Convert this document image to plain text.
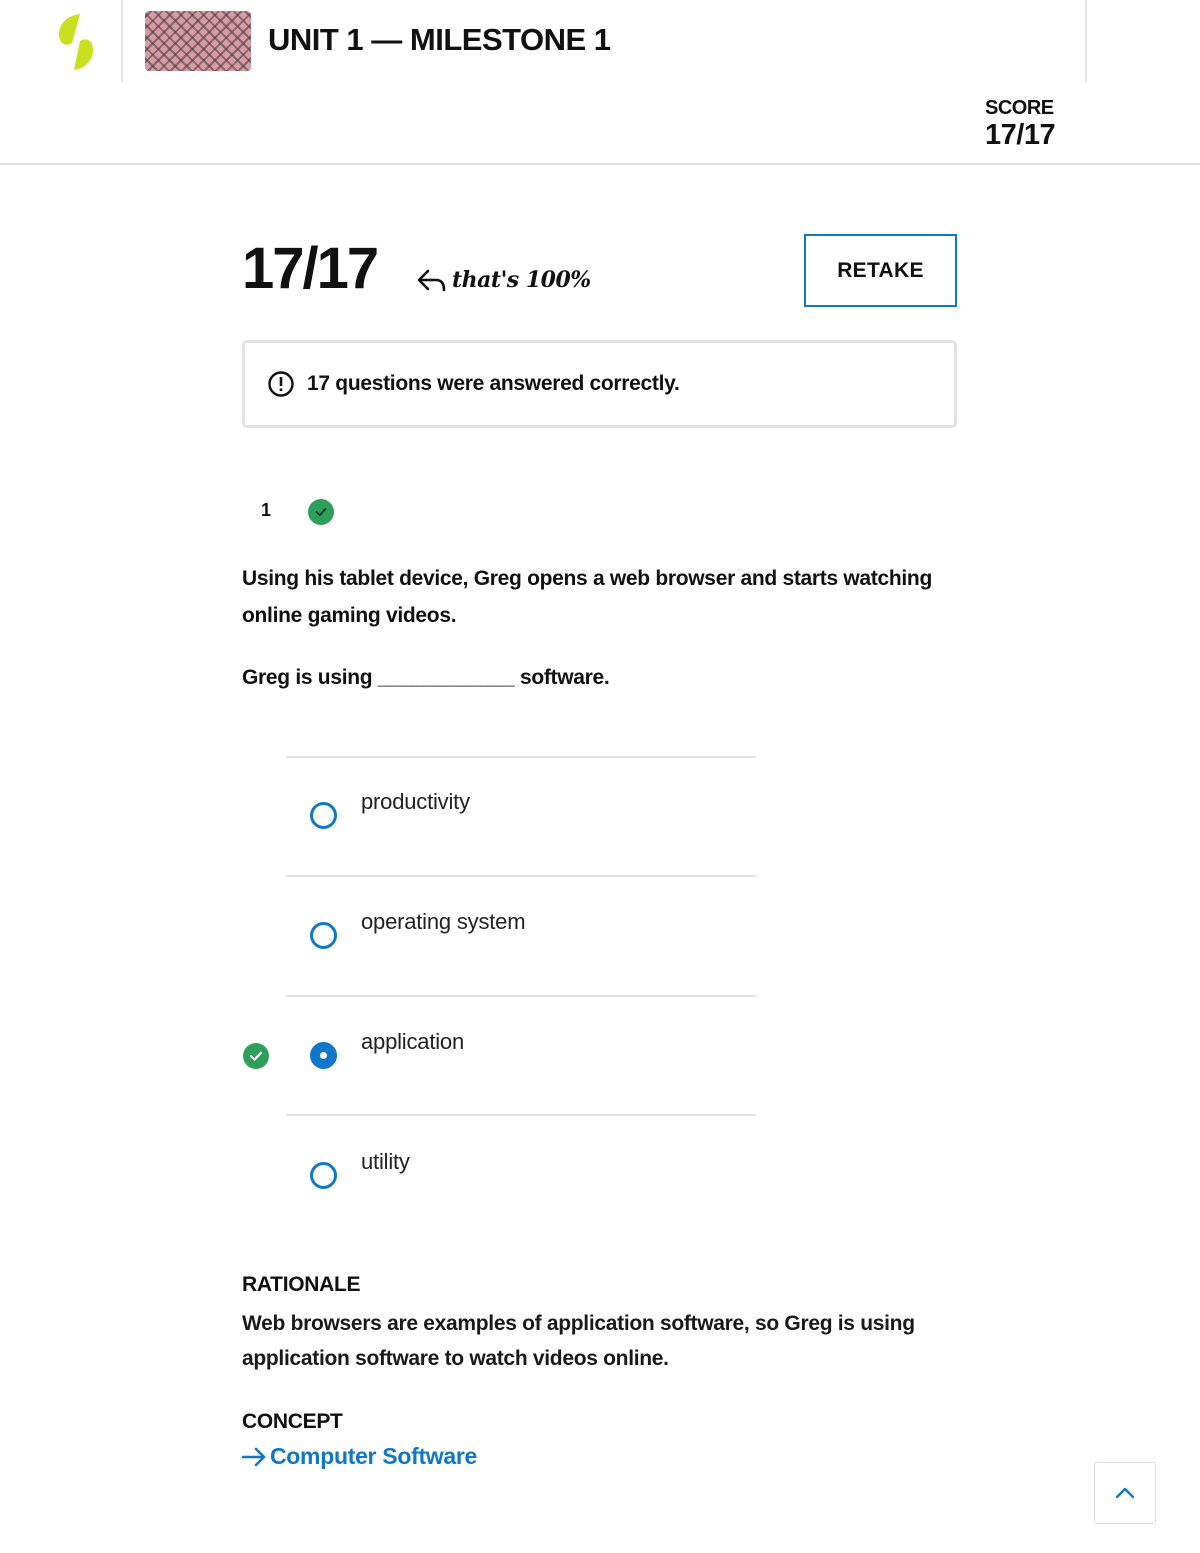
UNIT 1 — MILESTONE 1
SCORE
17/17
17/17	that's 100%	RETAKE
17 questions were answered correctly.
1

Using his tablet device, Greg opens a web browser and starts watching online gaming videos.

Greg is using ____________ software.
productivity
operating system
application
utility
RATIONALE

Web browsers are examples of application software, so Greg is using application software to watch videos online.

CONCEPT
Computer Software
